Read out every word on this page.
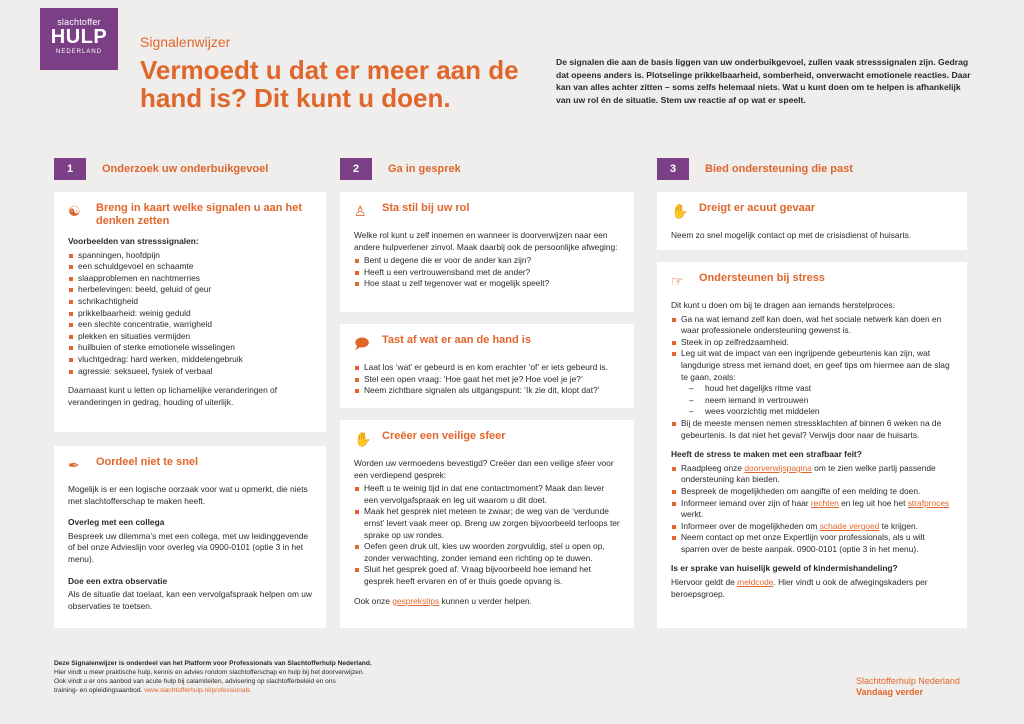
slachtoffer
HULP
NEDERLAND
Signalenwijzer
Vermoedt u dat er meer aan de hand is? Dit kunt u doen.

De signalen die aan de basis liggen van uw onderbuikgevoel, zullen vaak stresssignalen zijn. Gedrag dat opeens anders is. Plotselinge prikkelbaarheid, somberheid, onverwacht emotionele reacties. Daar kan van alles achter zitten – soms zelfs helemaal niets. Wat u kunt doen om te helpen is afhankelijk van uw rol én de situatie. Stem uw reactie af op wat er speelt.

1	Onderzoek uw onderbuikgevoel
☯	Breng in kaart welke signalen u aan het denken zetten

Voorbeelden van stresssignalen:

spanningen, hoofdpijn
een schuldgevoel en schaamte
slaapproblemen en nachtmerries
herbelevingen: beeld, geluid of geur
schrikachtigheid
prikkelbaarheid: weinig geduld
een slechte concentratie, warrigheid
plekken en situaties vermijden
huilbuien of sterke emotionele wisselingen
vluchtgedrag: hard werken, middelengebruik
agressie: seksueel, fysiek of verbaal

Daarnaast kunt u letten op lichamelijke veranderingen of veranderingen in gedrag, houding of uiterlijk.

✒	Oordeel niet te snel

Mogelijk is er een logische oorzaak voor wat u opmerkt, die niets met slachtofferschap te maken heeft.

Overleg met een collega

Bespreek uw dilemma’s met een collega, met uw leidinggevende of bel onze Advieslijn voor overleg via 0900-0101 (optie 3 in het menu).

Doe een extra observatie

Als de situatie dat toelaat, kan een vervolgafspraak helpen om uw observaties te toetsen.

2	Ga in gesprek
♙	Sta stil bij uw rol

Welke rol kunt u zelf innemen en wanneer is doorverwijzen naar een andere hulpverlener zinvol. Maak daarbij ook de persoonlijke afweging:

Bent u degene die er voor de ander kan zijn?
Heeft u een vertrouwensband met de ander?
Hoe staat u zelf tegenover wat er mogelijk speelt?
🗩	Tast af wat er aan de hand is
Laat los ‘wat’ er gebeurd is en kom erachter ‘of’ er iets gebeurd is.
Stel een open vraag: ‘Hoe gaat het met je? Hoe voel je je?’
Neem zichtbare signalen als uitgangspunt: ‘Ik zie dit, klopt dat?’
✋ Creëer een veilige sfeer

Worden uw vermoedens bevestigd? Creëer dan een veilige sfeer voor een verdiepend gesprek:

Heeft u te weinig tijd in dat ene contactmoment? Maak dan liever een vervolgafspraak en leg uit waarom u dit doet.
Maak het gesprek niet meteen te zwaar; de weg van de ‘verdunde ernst’ levert vaak meer op. Breng uw zorgen bijvoorbeeld terloops ter sprake op uw rondes.
Oefen geen druk uit, kies uw woorden zorgvuldig, stel u open op, zonder verwachting, zonder iemand een richting op te duwen.
Sluit het gesprek goed af. Vraag bijvoorbeeld hoe iemand het gesprek heeft ervaren en of er thuis goede opvang is.

Ook onze gesprekstips kunnen u verder helpen.

3	Bied ondersteuning die past
✋ Dreigt er acuut gevaar

Neem zo snel mogelijk contact op met de crisisdienst of huisarts.

☞	Ondersteunen bij stress

Dit kunt u doen om bij te dragen aan iemands herstelproces:

Ga na wat iemand zelf kan doen, wat het sociale netwerk kan doen en waar professionele ondersteuning gewenst is.
Steek in op zelfredzaamheid.
Leg uit wat de impact van een ingrijpende gebeurtenis kan zijn, wat langdurige stress met iemand doet, en geef tips om hiermee aan de slag te gaan, zoals:
– houd het dagelijks ritme vast
– neem iemand in vertrouwen
– wees voorzichtig met middelen
Bij de meeste mensen nemen stressklachten af binnen 6 weken na de gebeurtenis. Is dat niet het geval? Verwijs door naar de huisarts.

Heeft de stress te maken met een strafbaar feit?

Raadpleeg onze doorverwijspagina om te zien welke partij passende ondersteuning kan bieden.
Bespreek de mogelijkheden om aangifte of een melding te doen.
Informeer iemand over zijn of haar rechten en leg uit hoe het strafproces werkt.
Informeer over de mogelijkheden om schade vergoed te krijgen.
Neem contact op met onze Expertlijn voor professionals, als u wilt sparren over de beste aanpak. 0900-0101 (optie 3 in het menu).

Is er sprake van huiselijk geweld of kindermishandeling?

Hiervoor geldt de meldcode. Hier vindt u ook de afwegingskaders per beroepsgroep.

Deze Signalenwijzer is onderdeel van het Platform voor Professionals van Slachtofferhulp Nederland.
Hier vindt u meer praktische hulp, kennis en advies rondom slachtofferschap en hulp bij het doorverwijzen.
Ook vindt u er ons aanbod van acute hulp bij calamiteiten, advisering op slachtofferbeleid en ons
training- en opleidingsaanbod. www.slachtofferhulp.nl/professionals
Slachtofferhulp Nederland
Vandaag verder
